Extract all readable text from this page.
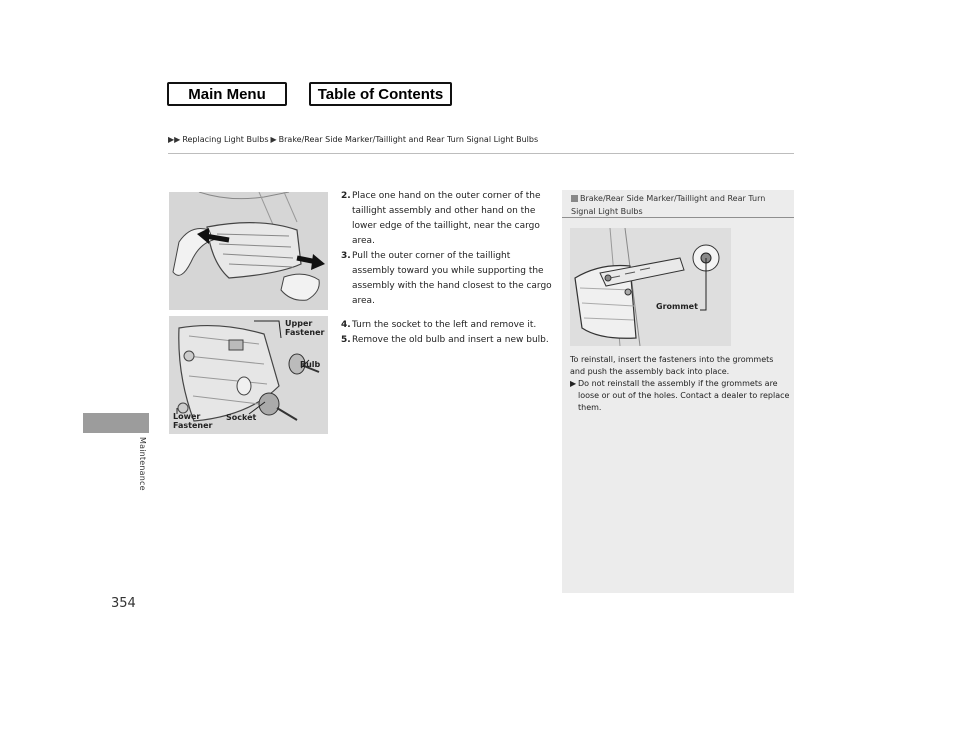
Main Menu	Table of Contents
▶▶ Replacing Light Bulbs ▶ Brake/Rear Side Marker/Taillight and Rear Turn Signal Light Bulbs
Maintenance
354
Upper Fastener
Bulb
Lower Fastener
Socket
2. Place one hand on the outer corner of the taillight assembly and other hand on the lower edge of the taillight, near the cargo area.
3. Pull the outer corner of the taillight assembly toward you while supporting the assembly with the hand closest to the cargo area.
4. Turn the socket to the left and remove it.
5. Remove the old bulb and insert a new bulb.
Brake/Rear Side Marker/Taillight and Rear Turn Signal Light Bulbs
Grommet
To reinstall, insert the fasteners into the grommets and push the assembly back into place.
▶ Do not reinstall the assembly if the grommets are loose or out of the holes. Contact a dealer to replace them.
